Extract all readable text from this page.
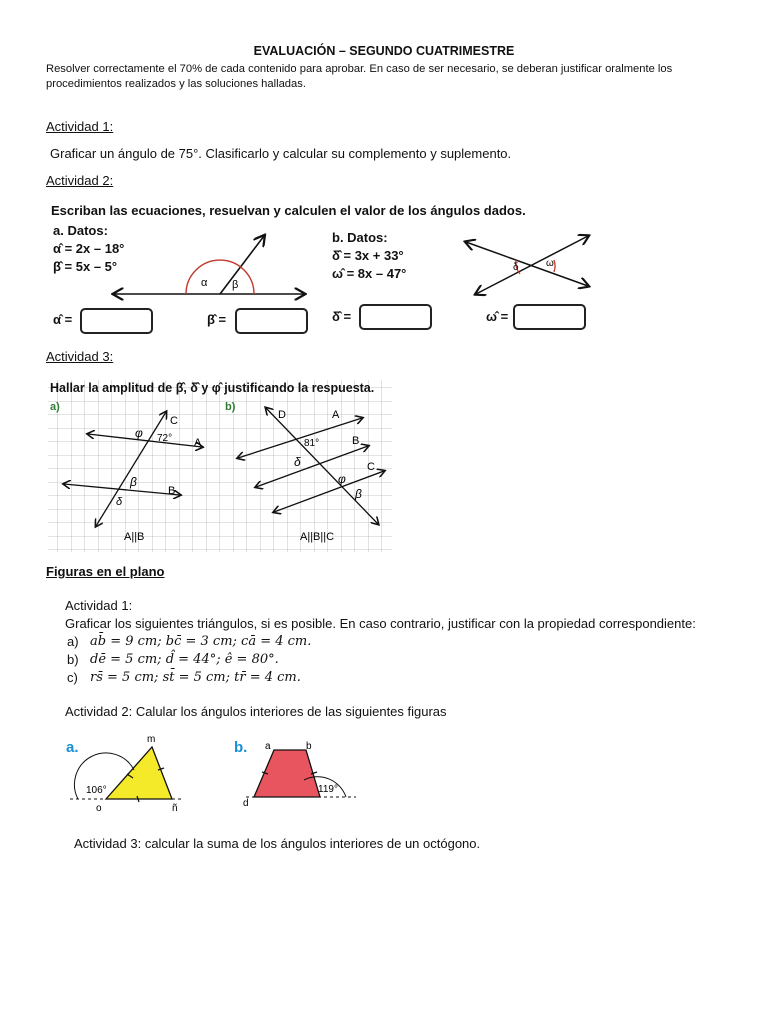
EVALUACIÓN – SEGUNDO CUATRIMESTRE
Resolver correctamente el 70% de cada contenido para aprobar. En caso de ser necesario, se deberan justificar oralmente los
procedimientos realizados y las soluciones halladas.
Actividad 1:
Graficar un ángulo de 75°. Clasificarlo y calcular su complemento y suplemento.
Actividad 2:
Escriban las ecuaciones, resuelvan y calculen el valor de los ángulos dados.
a. Datos:
α̂ = 2x – 18°
β̂ = 5x – 5°
α β
b. Datos:
δ̂ = 3x + 33°
ω̂ = 8x – 47°	δ	ω
α̂ =	β̂ =	δ̂ =	ω̂ =
Actividad 3:
Hallar la amplitud de β̂, δ̂ y φ̂ justificando la respuesta.
a)	b)
C
A
B
72°
φ
β
δ
A||B
D	A
B
C
81°
δ
φ
β
A||B||C
Figuras en el plano
Actividad 1:
Graficar los siguientes triángulos, si es posible. En caso contrario, justificar con la propiedad correspondiente:
a) ab̄ = 9 cm; bc̄ = 3 cm; cā = 4 cm.
b) dē = 5 cm; d̂ = 44°; ê = 80°.
c) rs̄ = 5 cm; st̄ = 5 cm; tr̄ = 4 cm.
Actividad 2: Calular los ángulos interiores de las siguientes figuras
a.
106°
m
o	ñ
b.
119°
a	b
d
Actividad 3: calcular la suma de los ángulos interiores de un octógono.
